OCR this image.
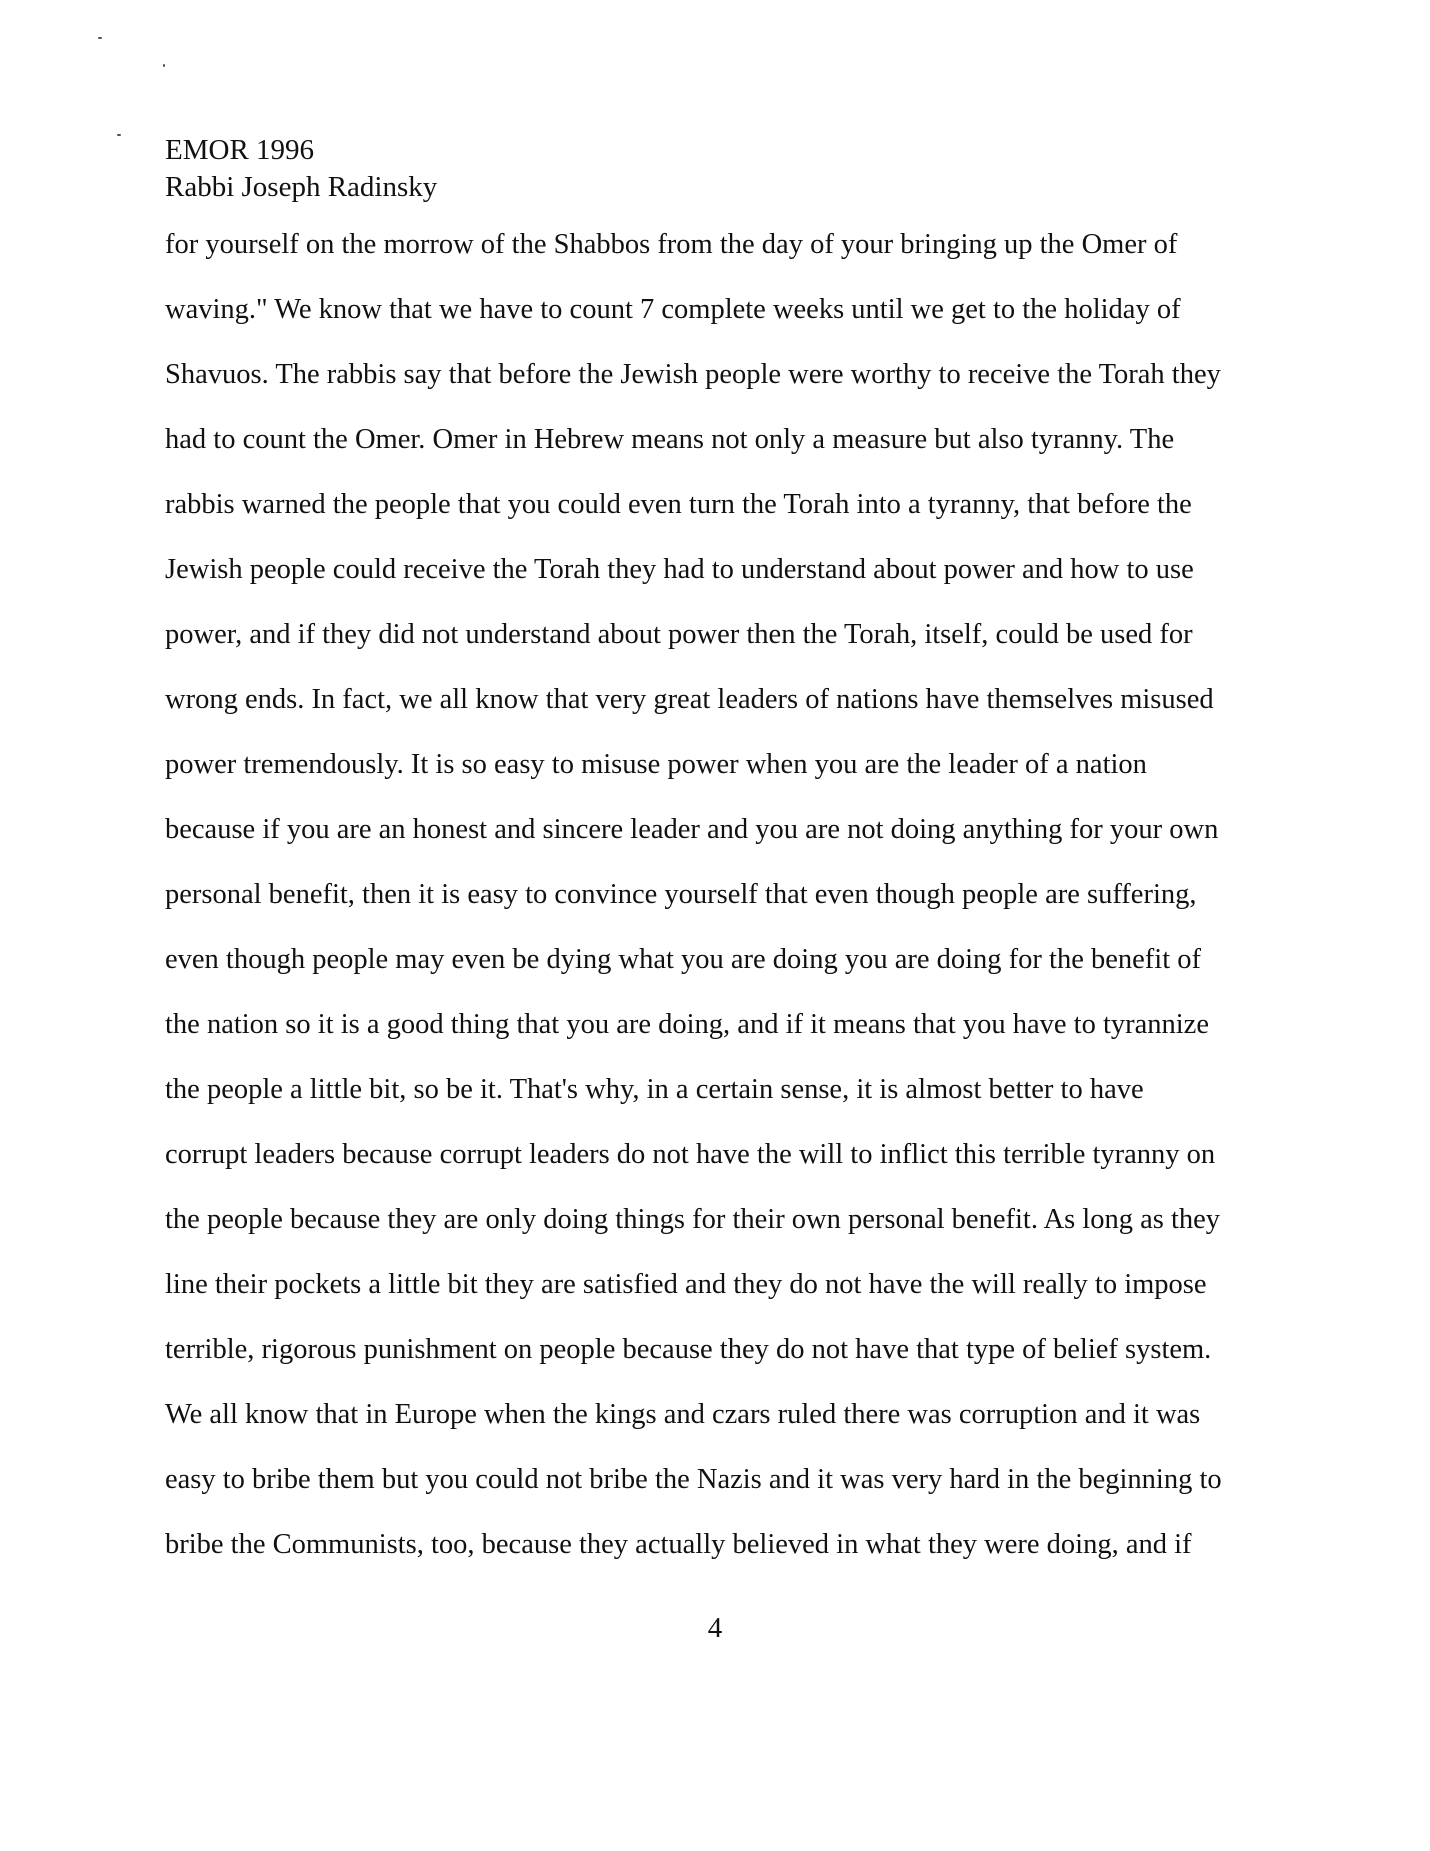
EMOR 1996
Rabbi Joseph Radinsky
for yourself on the morrow of the Shabbos from the day of your bringing up the Omer of
waving." We know that we have to count 7 complete weeks until we get to the holiday of
Shavuos. The rabbis say that before the Jewish people were worthy to receive the Torah they
had to count the Omer. Omer in Hebrew means not only a measure but also tyranny. The
rabbis warned the people that you could even turn the Torah into a tyranny, that before the
Jewish people could receive the Torah they had to understand about power and how to use
power, and if they did not understand about power then the Torah, itself, could be used for
wrong ends. In fact, we all know that very great leaders of nations have themselves misused
power tremendously. It is so easy to misuse power when you are the leader of a nation
because if you are an honest and sincere leader and you are not doing anything for your own
personal benefit, then it is easy to convince yourself that even though people are suffering,
even though people may even be dying what you are doing you are doing for the benefit of
the nation so it is a good thing that you are doing, and if it means that you have to tyrannize
the people a little bit, so be it. That's why, in a certain sense, it is almost better to have
corrupt leaders because corrupt leaders do not have the will to inflict this terrible tyranny on
the people because they are only doing things for their own personal benefit. As long as they
line their pockets a little bit they are satisfied and they do not have the will really to impose
terrible, rigorous punishment on people because they do not have that type of belief system.
We all know that in Europe when the kings and czars ruled there was corruption and it was
easy to bribe them but you could not bribe the Nazis and it was very hard in the beginning to
bribe the Communists, too, because they actually believed in what they were doing, and if
4
